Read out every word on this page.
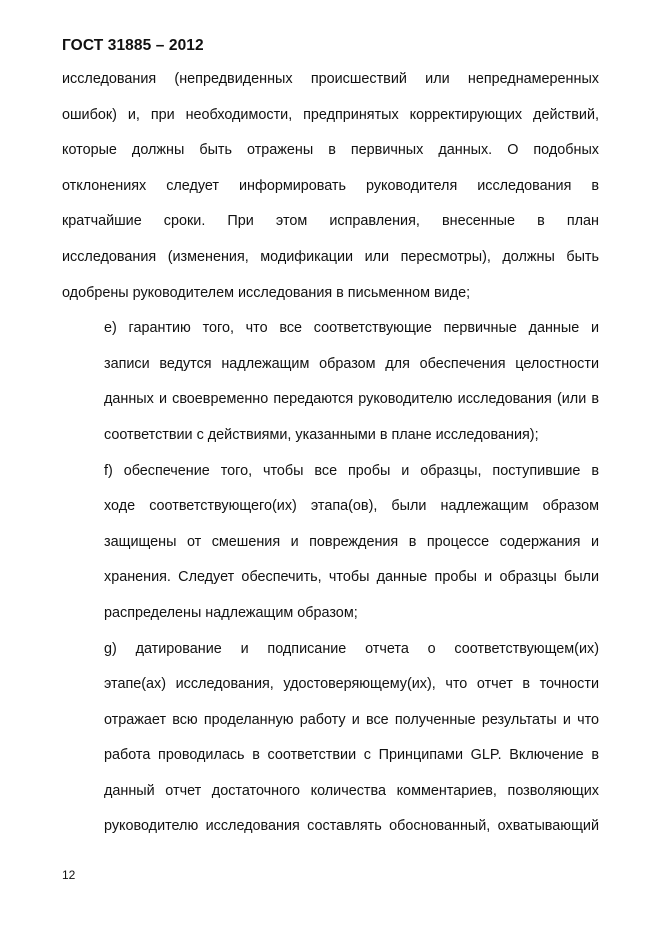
ГОСТ 31885 – 2012
исследования (непредвиденных происшествий или непреднамеренных
ошибок) и, при необходимости, предпринятых корректирующих действий,
которые должны быть отражены в первичных данных. О подобных
отклонениях следует информировать руководителя исследования в
кратчайшие сроки. При этом исправления, внесенные в план
исследования (изменения, модификации или пересмотры), должны быть
одобрены руководителем исследования в письменном виде;
е) гарантию того, что все соответствующие первичные данные и
записи ведутся надлежащим образом для обеспечения целостности
данных и своевременно передаются руководителю исследования (или в
соответствии с действиями, указанными в плане исследования);
f) обеспечение того, чтобы все пробы и образцы, поступившие в
ходе соответствующего(их) этапа(ов), были надлежащим образом
защищены от смешения и повреждения в процессе содержания и
хранения. Следует обеспечить, чтобы данные пробы и образцы были
распределены надлежащим образом;
g) датирование и подписание отчета о соответствующем(их)
этапе(ах) исследования, удостоверяющему(их), что отчет в точности
отражает всю проделанную работу и все полученные результаты и что
работа проводилась в соответствии с Принципами GLP. Включение в
данный отчет достаточного количества комментариев, позволяющих
руководителю исследования составлять обоснованный, охватывающий
12
